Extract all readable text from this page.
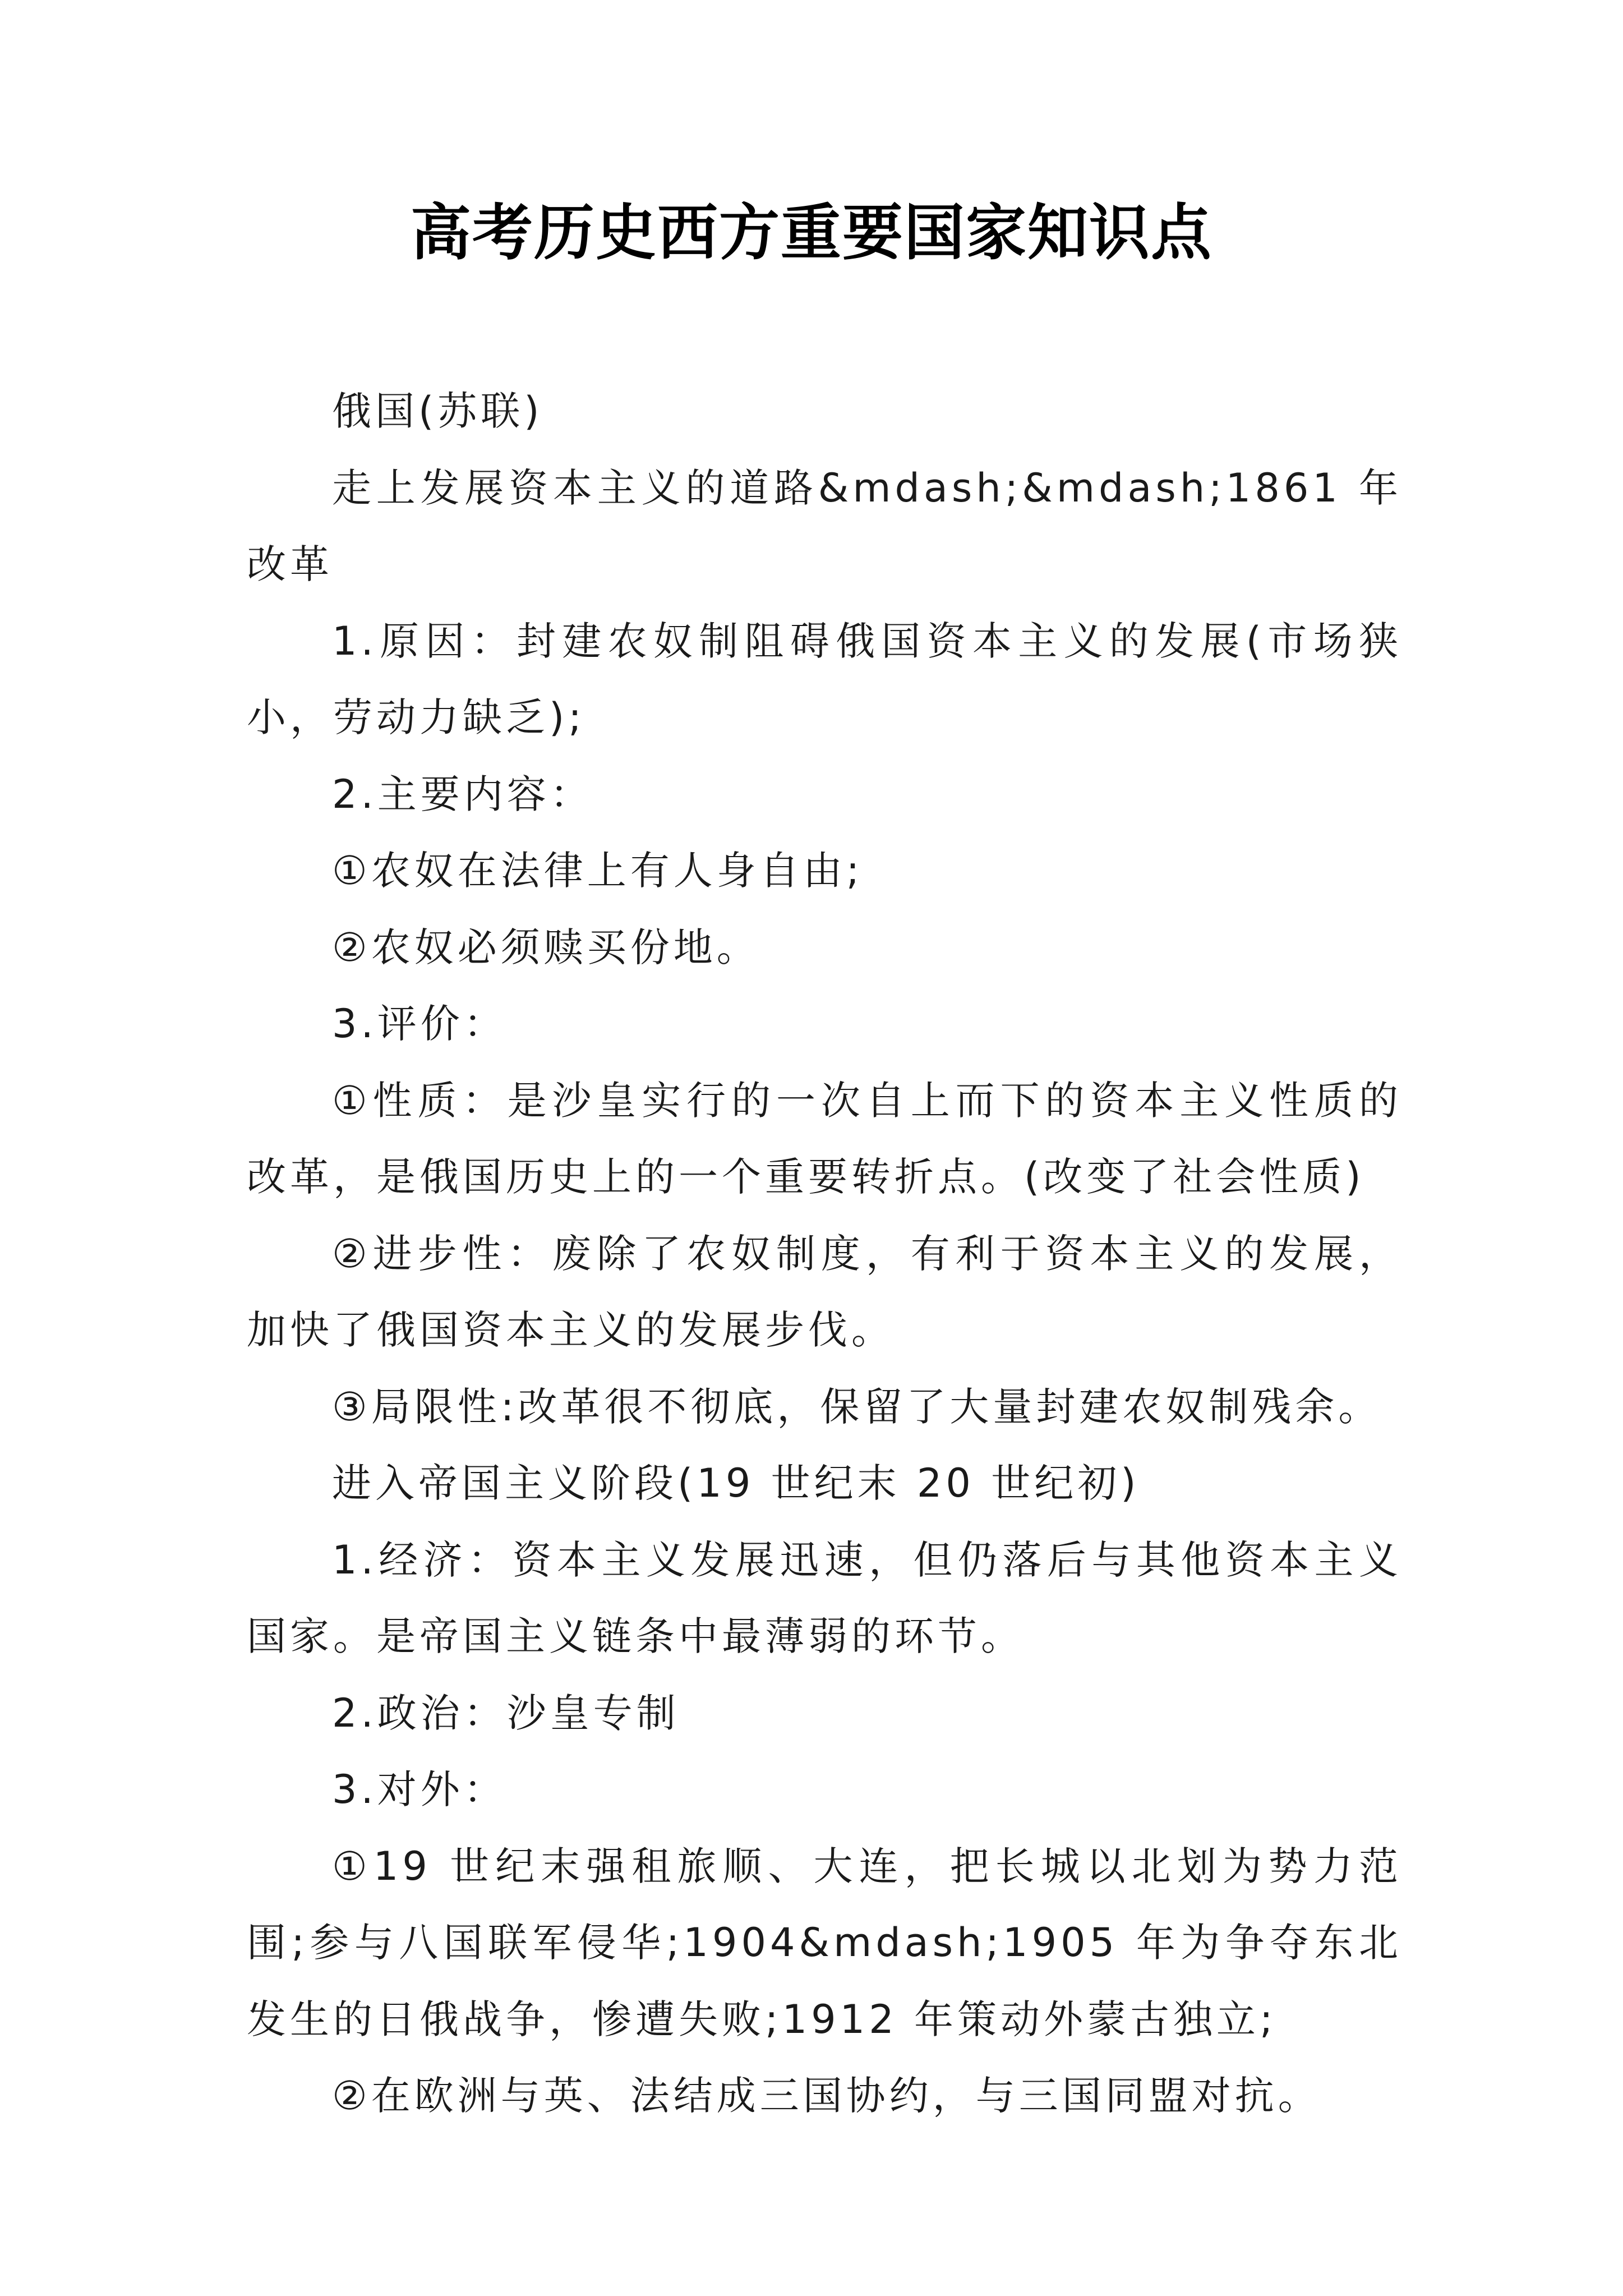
高考历史西方重要国家知识点

俄国(苏联)

走上发展资本主义的道路&mdash;&mdash;1861 年改革

1.原因：封建农奴制阻碍俄国资本主义的发展(市场狭小，劳动力缺乏);

2.主要内容：

①农奴在法律上有人身自由;

②农奴必须赎买份地。

3.评价：

①性质：是沙皇实行的一次自上而下的资本主义性质的改革，是俄国历史上的一个重要转折点。(改变了社会性质)

②进步性：废除了农奴制度，有利于资本主义的发展，加快了俄国资本主义的发展步伐。

③局限性:改革很不彻底，保留了大量封建农奴制残余。

进入帝国主义阶段(19 世纪末 20 世纪初)

1.经济：资本主义发展迅速，但仍落后与其他资本主义国家。是帝国主义链条中最薄弱的环节。

2.政治：沙皇专制

3.对外：

①19 世纪末强租旅顺、大连，把长城以北划为势力范围;参与八国联军侵华;1904&mdash;1905 年为争夺东北发生的日俄战争，惨遭失败;1912 年策动外蒙古独立;

②在欧洲与英、法结成三国协约，与三国同盟对抗。
